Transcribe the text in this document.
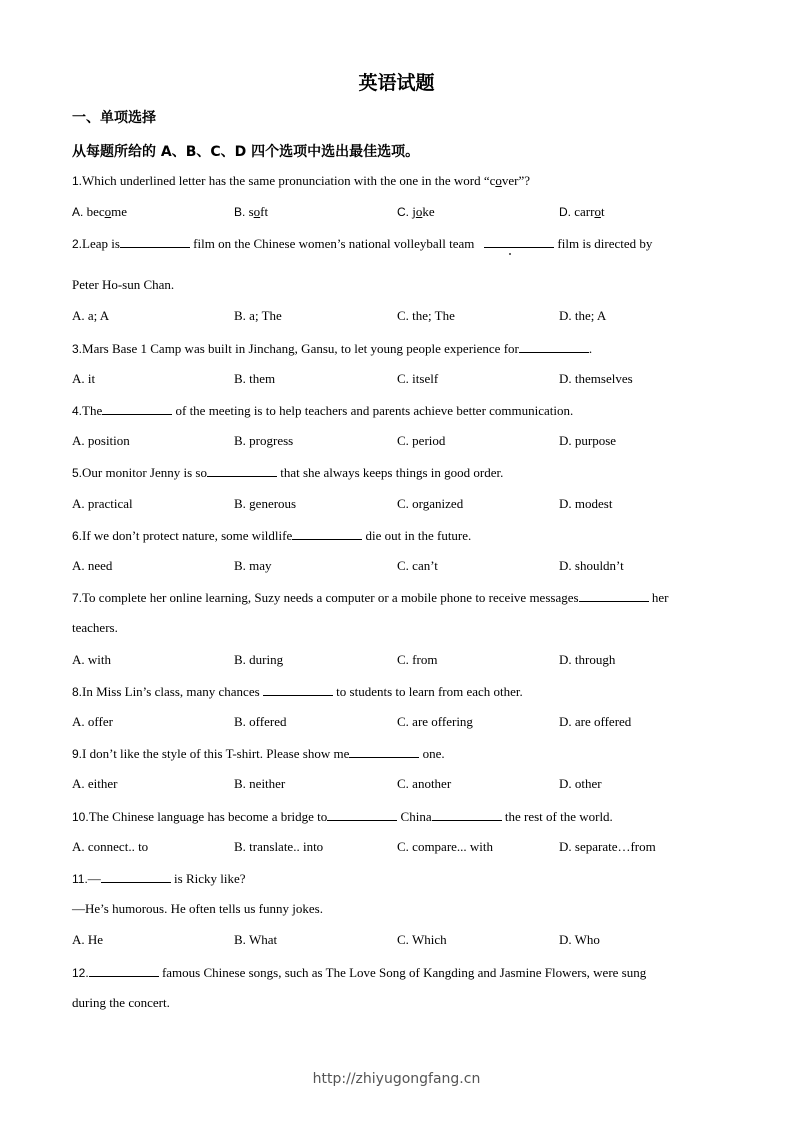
英语试题
一、单项选择
从每题所给的 A、B、C、D 四个选项中选出最佳选项。
1.Which underlined letter has the same pronunciation with the one in the word “cover”?
A. become	B. soft	C. joke	D. carrot
2.Leap is	film on the Chinese women’s national volleyball team	film is directed by
Peter Ho-sun Chan.
A. a; A	B. a; The	C. the; The	D. the; A
3.Mars Base 1 Camp was built in Jinchang, Gansu, to let young people experience for	.
A. it	B. them	C. itself	D. themselves
4.The	of the meeting is to help teachers and parents achieve better communication.
A. position	B. progress	C. period	D. purpose
5.Our monitor Jenny is so	that she always keeps things in good order.
A. practical	B. generous	C. organized	D. modest
6.If we don’t protect nature, some wildlife	die out in the future.
A. need	B. may	C. can’t	D. shouldn’t
7.To complete her online learning, Suzy needs a computer or a mobile phone to receive messages	her
teachers.
A. with	B. during	C. from	D. through
8.In Miss Lin’s class, many chances	to students to learn from each other.
A. offer	B. offered	C. are offering	D. are offered
9.I don’t like the style of this T-shirt. Please show me	one.
A. either	B. neither	C. another	D. other
10.The Chinese language has become a bridge to	China	the rest of the world.
A. connect.. to	B. translate.. into	C. compare... with	D. separate…from
11.—	is Ricky like?
—He’s humorous. He often tells us funny jokes.
A. He	B. What	C. Which	D. Who
12.	famous Chinese songs, such as The Love Song of Kangding and Jasmine Flowers, were sung
during the concert.
http://zhiyugongfang.cn
